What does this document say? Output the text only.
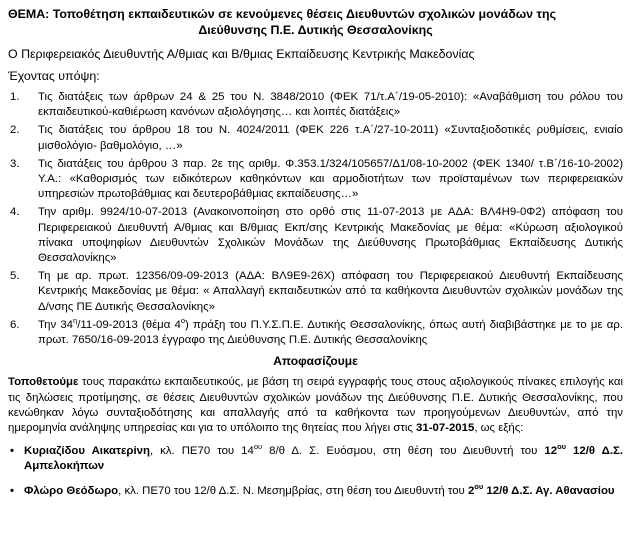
ΘΕΜΑ: Τοποθέτηση εκπαιδευτικών σε κενούμενες θέσεις Διευθυντών σχολικών μονάδων της
Διεύθυνσης Π.Ε. Δυτικής Θεσσαλονίκης
Ο Περιφερειακός Διευθυντής Α/θμιας και Β/θμιας Εκπαίδευσης Κεντρικής Μακεδονίας
Έχοντας υπόψη:
1. Τις διατάξεις των άρθρων 24 & 25 του Ν. 3848/2010 (ΦΕΚ 71/τ.Α΄/19-05-2010): «Αναβάθμιση του ρόλου του εκπαιδευτικού-καθιέρωση κανόνων αξιολόγησης… και λοιπές διατάξεις»
2. Τις διατάξεις του άρθρου 18 του Ν. 4024/2011 (ΦΕΚ 226 τ.Α΄/27-10-2011) «Συνταξιοδοτικές ρυθμίσεις, ενιαίο μισθολόγιο- βαθμολόγιο, …»
3. Τις διατάξεις του άρθρου 3 παρ. 2ε της αριθμ. Φ.353.1/324/105657/Δ1/08-10-2002 (ΦΕΚ 1340/ τ.Β΄/16-10-2002) Υ.Α.: «Καθορισμός των ειδικότερων καθηκόντων και αρμοδιοτήτων των προϊσταμένων των περιφερειακών υπηρεσιών πρωτοβάθμιας και δευτεροβάθμιας εκπαίδευσης…»
4. Την αριθμ. 9924/10-07-2013 (Ανακοινοποίηση στο ορθό στις 11-07-2013 με ΑΔΑ: ΒΛ4Η9-0Φ2) απόφαση του Περιφερειακού Διευθυντή Α/θμιας και Β/θμιας Εκπ/σης Κεντρικής Μακεδονίας με θέμα: «Κύρωση αξιολογικού πίνακα υποψηφίων Διευθυντών Σχολικών Μονάδων της Διεύθυνσης Πρωτοβάθμιας Εκπαίδευσης Δυτικής Θεσσαλονίκης»
5. Τη με αρ. πρωτ. 12356/09-09-2013 (ΑΔΑ: ΒΛ9Ε9-26Χ) απόφαση του Περιφερειακού Διευθυντή Εκπαίδευσης Κεντρικής Μακεδονίας με θέμα: « Απαλλαγή εκπαιδευτικών από τα καθήκοντα Διευθυντών σχολικών μονάδων της Δ/νσης ΠΕ Δυτικής Θεσσαλονίκης»
6. Την $34^\eta/11-09-2013$ (θέμα $4^o$) πράξη του Π.Υ.Σ.Π.Ε. Δυτικής Θεσσαλονίκης, όπως αυτή διαβιβάστηκε με το με αρ. πρωτ. 7650/16-09-2013 έγγραφο της Διεύθυνσης Π.Ε. Δυτικής Θεσσαλονίκης
Αποφασίζουμε
Τοποθετούμε τους παρακάτω εκπαιδευτικούς, με βάση τη σειρά εγγραφής τους στους αξιολογικούς πίνακες επιλογής και τις δηλώσεις προτίμησης, σε θέσεις Διευθυντών σχολικών μονάδων της Διεύθυνσης Π.Ε. Δυτικής Θεσσαλονίκης, που κενώθηκαν λόγω συνταξιοδότησης και απαλλαγής από τα καθήκοντα των προηγούμενων Διευθυντών, από την ημερομηνία ανάληψης υπηρεσίας και για το υπόλοιπο της θητείας που λήγει στις 31-07-2015, ως εξής:
• Κυριαζίδου Αικατερίνη, κλ. ΠΕ70 του $14^{o\upsilon}$ 8/θ Δ. Σ. Ευόσμου, στη θέση του Διευθυντή του $12^{o\upsilon}$ 12/θ Δ.Σ. Αμπελοκήπων
• Φλώρο Θεόδωρο, κλ. ΠΕ70 του 12/θ Δ.Σ. Ν. Μεσημβρίας, στη θέση του Διευθυντή του $2^{o\upsilon}$ 12/θ Δ.Σ. Αγ. Αθανασίου
